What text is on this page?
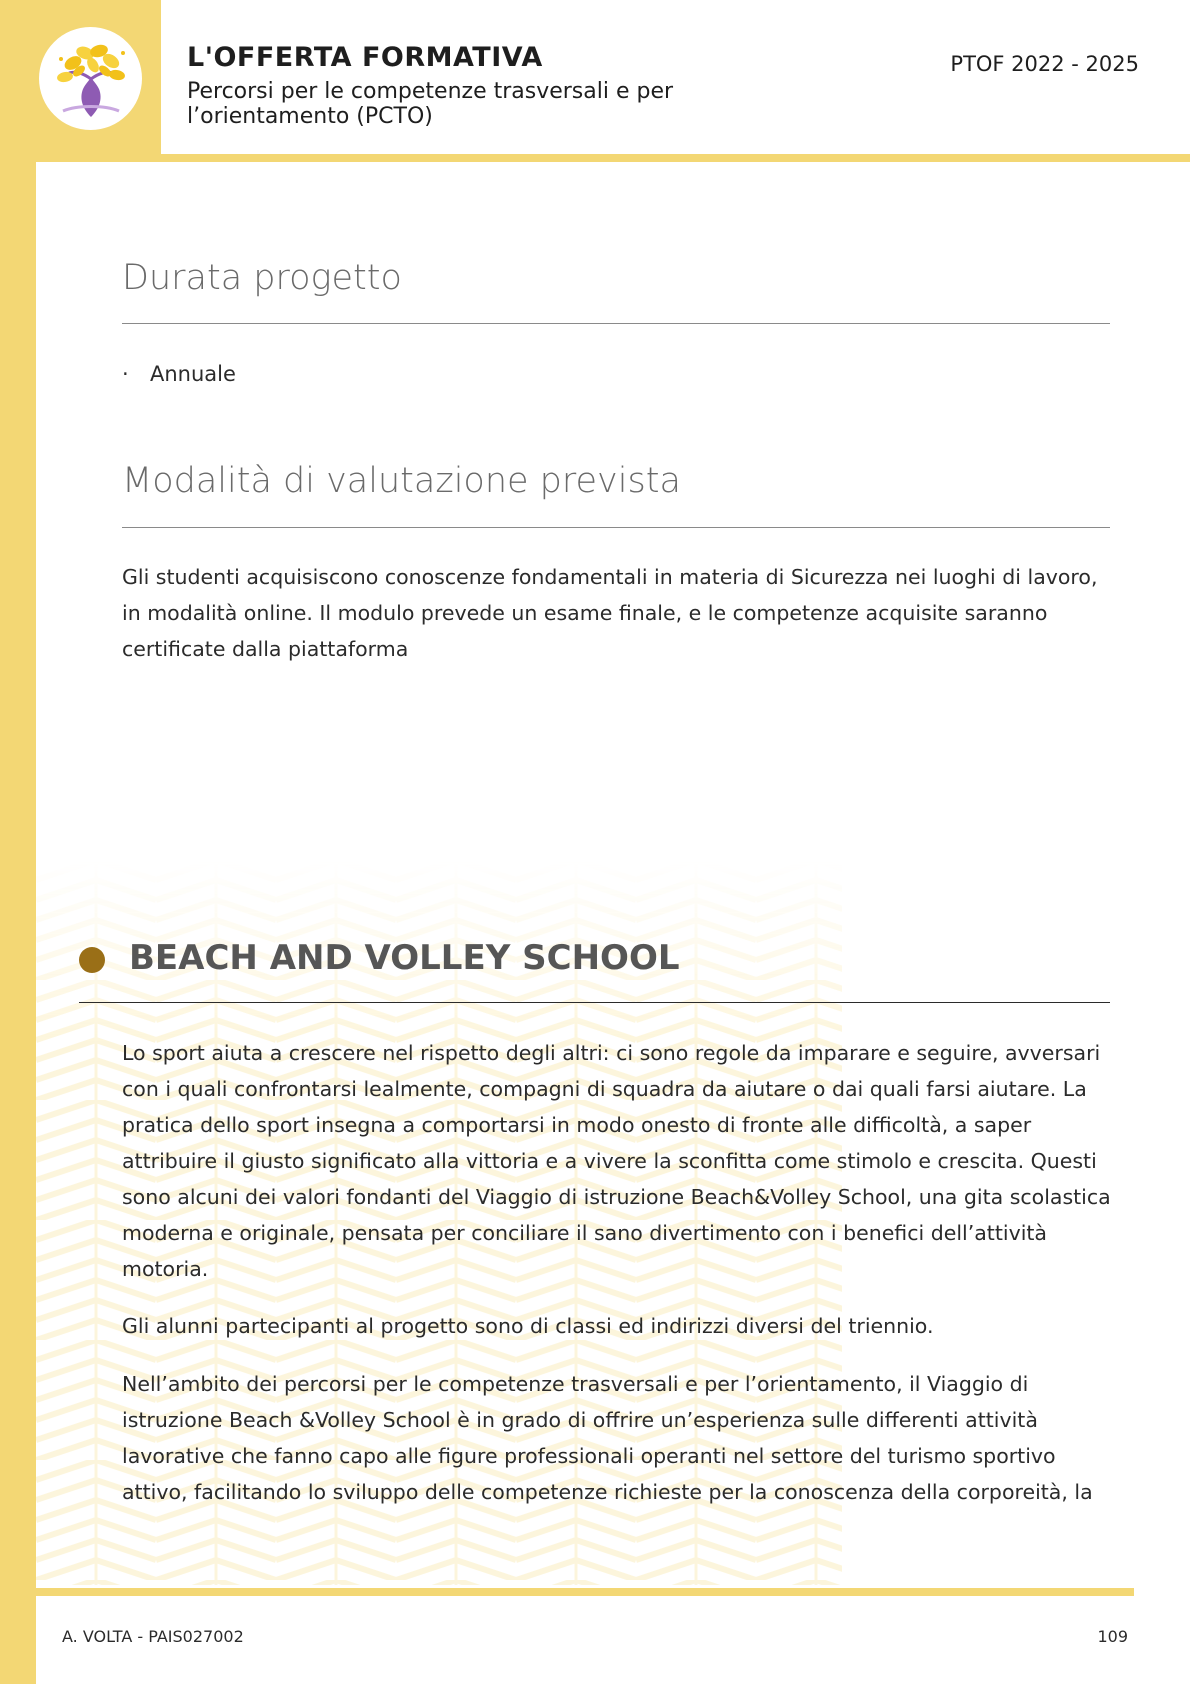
L'OFFERTA FORMATIVA
Percorsi per le competenze trasversali e per l’orientamento (PCTO)
PTOF 2022 - 2025
Durata progetto
· Annuale
Modalità di valutazione prevista

Gli studenti acquisiscono conoscenze fondamentali in materia di Sicurezza nei luoghi di lavoro, in modalità online. Il modulo prevede un esame finale, e le competenze acquisite saranno certificate dalla piattaforma

BEACH AND VOLLEY SCHOOL

Lo sport aiuta a crescere nel rispetto degli altri: ci sono regole da imparare e seguire, avversari con i quali confrontarsi lealmente, compagni di squadra da aiutare o dai quali farsi aiutare. La pratica dello sport insegna a comportarsi in modo onesto di fronte alle difficoltà, a saper attribuire il giusto significato alla vittoria e a vivere la sconfitta come stimolo e crescita. Questi sono alcuni dei valori fondanti del Viaggio di istruzione Beach&Volley School, una gita scolastica moderna e originale, pensata per conciliare il sano divertimento con i benefici dell’attività motoria.

Gli alunni partecipanti al progetto sono di classi ed indirizzi diversi del triennio.

Nell’ambito dei percorsi per le competenze trasversali e per l’orientamento, il Viaggio di istruzione Beach &Volley School è in grado di offrire un’esperienza sulle differenti attività lavorative che fanno capo alle figure professionali operanti nel settore del turismo sportivo attivo, facilitando lo sviluppo delle competenze richieste per la conoscenza della corporeità, la

A. VOLTA - PAIS027002	109
